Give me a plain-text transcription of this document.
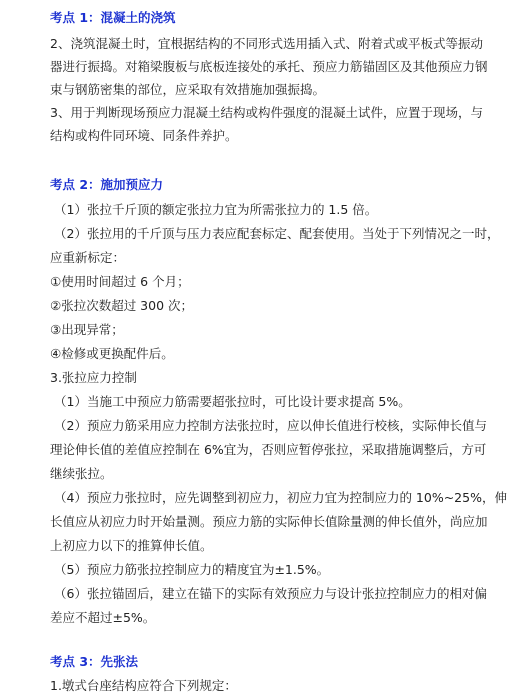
考点 1：混凝土的浇筑
2、浇筑混凝土时，宜根据结构的不同形式选用插入式、附着式或平板式等振动
器进行振捣。对箱梁腹板与底板连接处的承托、预应力筋锚固区及其他预应力钢
束与钢筋密集的部位，应采取有效措施加强振捣。
3、用于判断现场预应力混凝土结构或构件强度的混凝土试件，应置于现场，与
结构或构件同环境、同条件养护。
考点 2：施加预应力
（1）张拉千斤顶的额定张拉力宜为所需张拉力的 1.5 倍。
（2）张拉用的千斤顶与压力表应配套标定、配套使用。当处于下列情况之一时，
应重新标定：
①使用时间超过 6 个月；
②张拉次数超过 300 次；
③出现异常；
④检修或更换配件后。
3.张拉应力控制
（1）当施工中预应力筋需要超张拉时，可比设计要求提高 5%。
（2）预应力筋采用应力控制方法张拉时，应以伸长值进行校核，实际伸长值与
理论伸长值的差值应控制在 6%宜为，否则应暂停张拉，采取措施调整后，方可
继续张拉。
（4）预应力张拉时，应先调整到初应力，初应力宜为控制应力的 10%~25%，伸
长值应从初应力时开始量测。预应力筋的实际伸长值除量测的伸长值外，尚应加
上初应力以下的推算伸长值。
（5）预应力筋张拉控制应力的精度宜为±1.5%。
（6）张拉锚固后，建立在锚下的实际有效预应力与设计张拉控制应力的相对偏
差应不超过±5%。
考点 3：先张法
1.墩式台座结构应符合下列规定：
